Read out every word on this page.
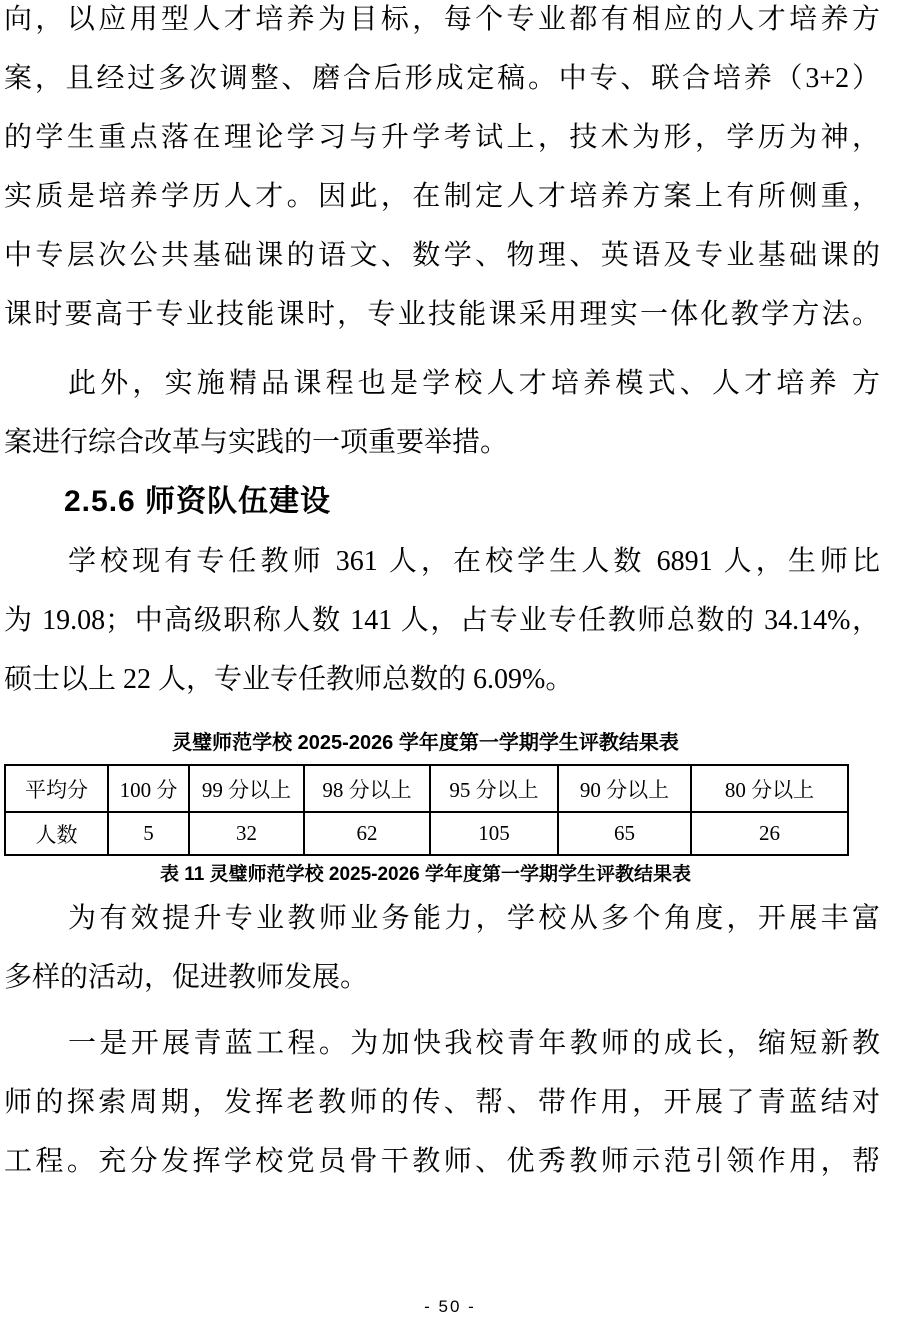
向，以应用型人才培养为目标，每个专业都有相应的人才培养方
案，且经过多次调整、磨合后形成定稿。中专、联合培养（3+2）
的学生重点落在理论学习与升学考试上，技术为形，学历为神，
实质是培养学历人才。因此，在制定人才培养方案上有所侧重，
中专层次公共基础课的语文、数学、物理、英语及专业基础课的
课时要高于专业技能课时，专业技能课采用理实一体化教学方法。
此外，实施精品课程也是学校人才培养模式、人才培养 方
案进行综合改革与实践的一项重要举措。
2.5.6 师资队伍建设
学校现有专任教师 361 人，在校学生人数 6891 人，生师比
为 19.08；中高级职称人数 141 人，占专业专任教师总数的 34.14%，
硕士以上 22 人，专业专任教师总数的 6.09%。
灵璧师范学校 2025-2026 学年度第一学期学生评教结果表
平均分	100 分	99 分以上	98 分以上	95 分以上	90 分以上	80 分以上
人数	5	32	62	105	65	26
表 11 灵璧师范学校 2025-2026 学年度第一学期学生评教结果表
为有效提升专业教师业务能力，学校从多个角度，开展丰富
多样的活动，促进教师发展。
一是开展青蓝工程。为加快我校青年教师的成长，缩短新教
师的探索周期，发挥老教师的传、帮、带作用，开展了青蓝结对
工程。充分发挥学校党员骨干教师、优秀教师示范引领作用，帮
- 50 -
